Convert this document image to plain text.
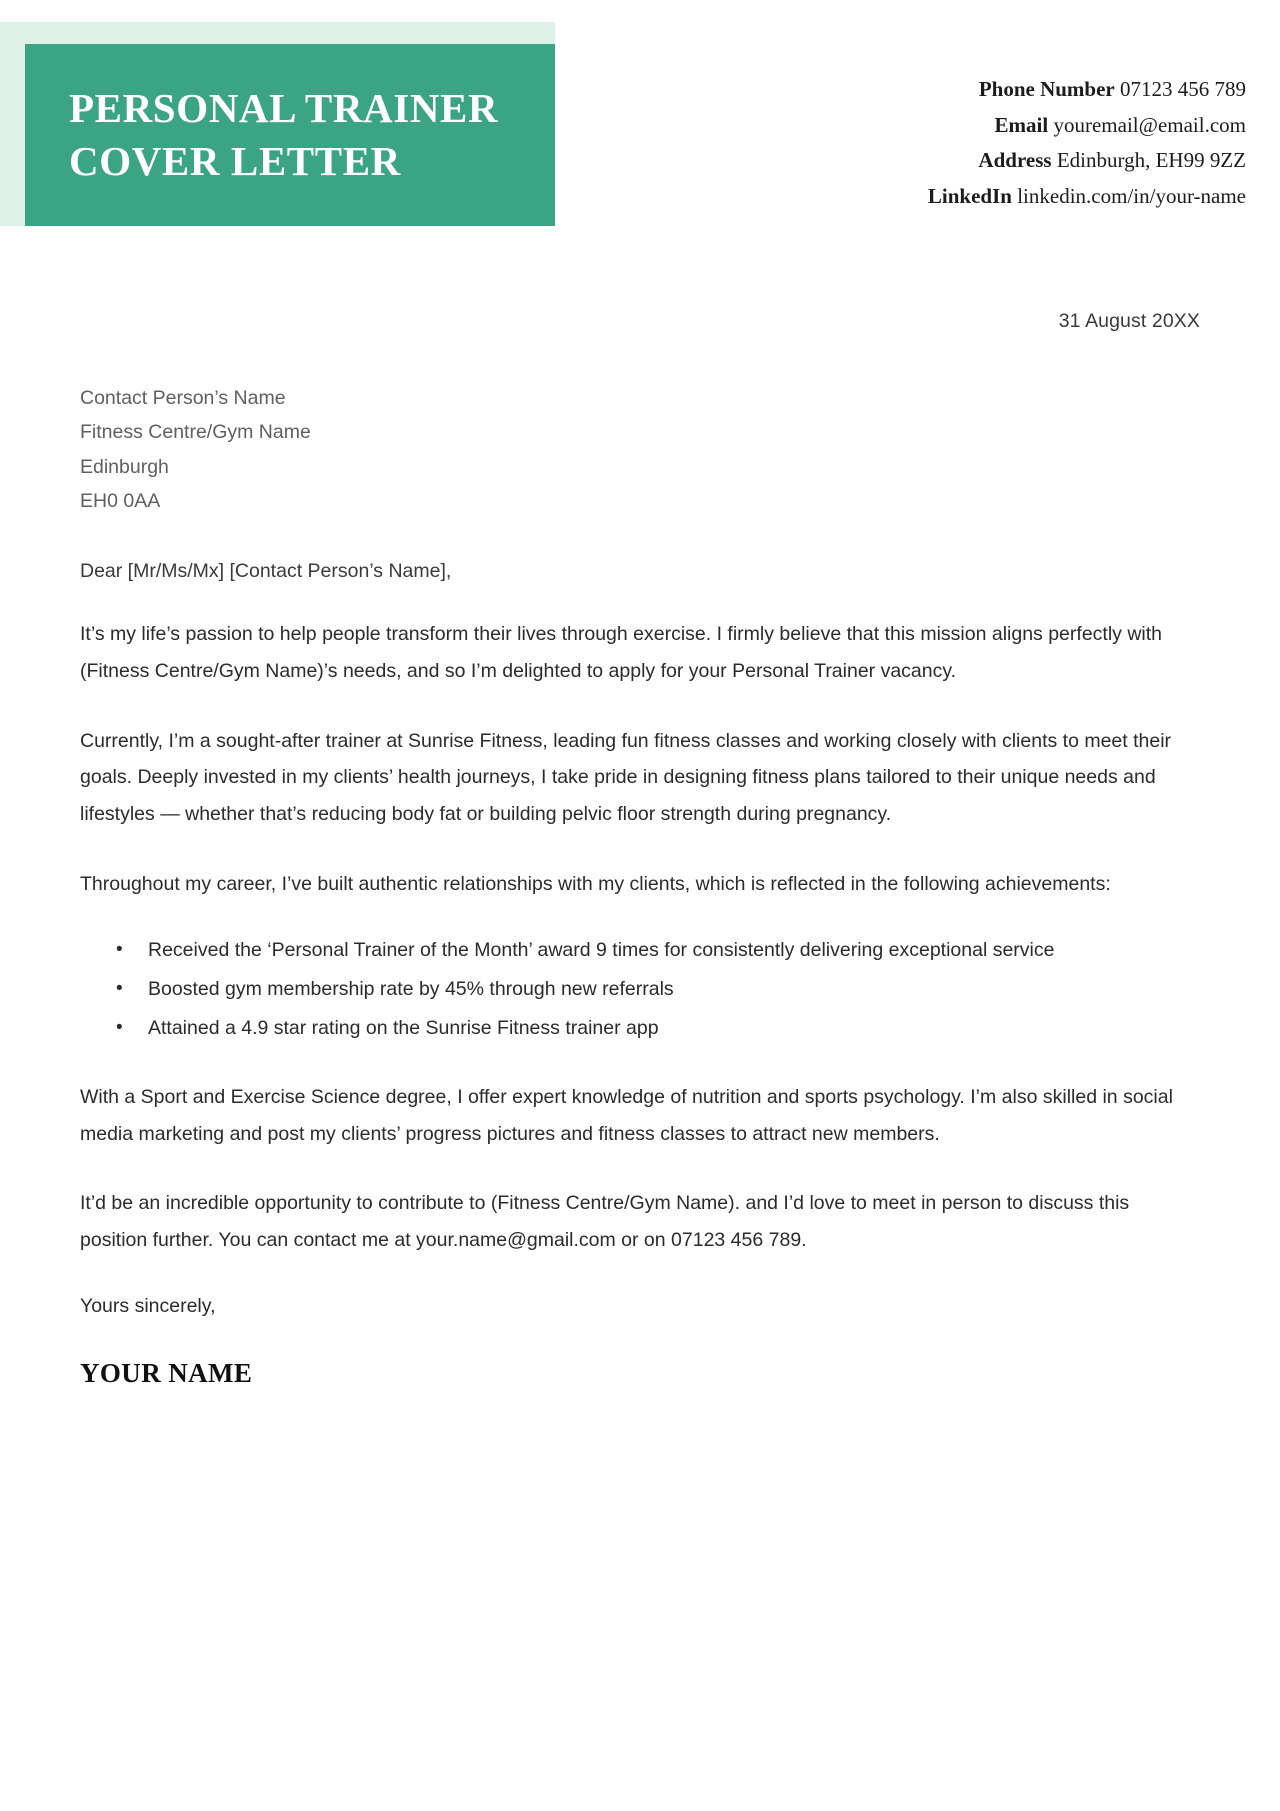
PERSONAL TRAINER
COVER LETTER
Phone Number 07123 456 789
Email youremail@email.com
Address Edinburgh, EH99 9ZZ
LinkedIn linkedin.com/in/your-name
31 August 20XX
Contact Person’s Name
Fitness Centre/Gym Name
Edinburgh
EH0 0AA
Dear [Mr/Ms/Mx] [Contact Person’s Name],

It’s my life’s passion to help people transform their lives through exercise. I firmly believe that this mission aligns perfectly with (Fitness Centre/Gym Name)’s needs, and so I’m delighted to apply for your Personal Trainer vacancy.

Currently, I’m a sought-after trainer at Sunrise Fitness, leading fun fitness classes and working closely with clients to meet their goals. Deeply invested in my clients’ health journeys, I take pride in designing fitness plans tailored to their unique needs and lifestyles — whether that’s reducing body fat or building pelvic floor strength during pregnancy.

Throughout my career, I’ve built authentic relationships with my clients, which is reflected in the following achievements:

• Received the ‘Personal Trainer of the Month’ award 9 times for consistently delivering exceptional service
• Boosted gym membership rate by 45% through new referrals
• Attained a 4.9 star rating on the Sunrise Fitness trainer app

With a Sport and Exercise Science degree, I offer expert knowledge of nutrition and sports psychology. I’m also skilled in social media marketing and post my clients’ progress pictures and fitness classes to attract new members.

It’d be an incredible opportunity to contribute to (Fitness Centre/Gym Name). and I’d love to meet in person to discuss this position further. You can contact me at your.name@gmail.com or on 07123 456 789.

Yours sincerely,
YOUR NAME
